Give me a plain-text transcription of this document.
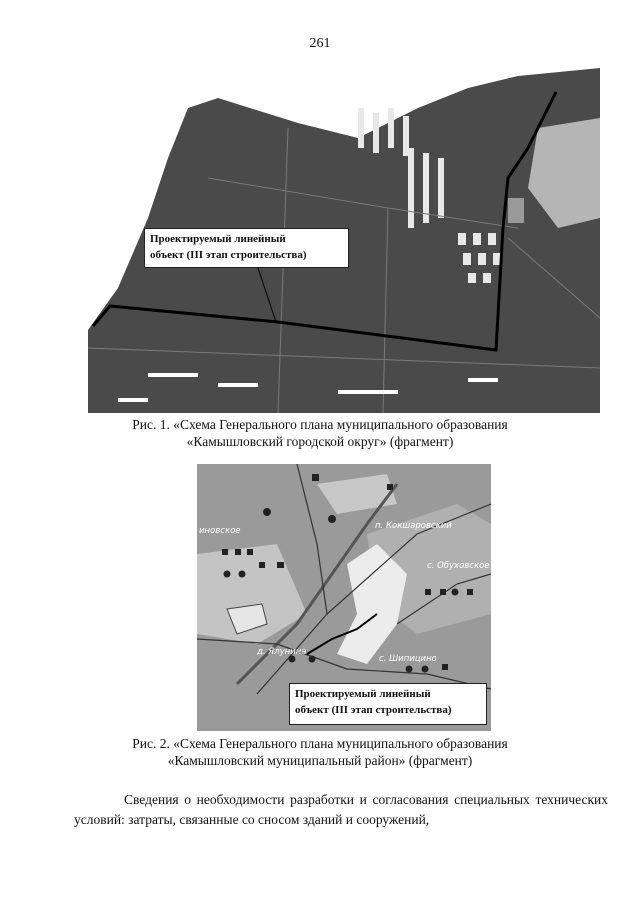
261
Проектируемый линейный
объект (III этап строительства)
Рис. 1. «Схема Генерального плана муниципального образования
«Камышловский городской округ» (фрагмент)
иновское	п. Кокшаровский
с. Обуховское
д. Ялунина
с. Шипицино
Проектируемый линейный
объект (III этап строительства)
Рис. 2. «Схема Генерального плана муниципального образования
«Камышловский муниципальный район» (фрагмент)
Сведения о необходимости разработки и согласования специальных технических условий: затраты, связанные со сносом зданий и сооружений,
